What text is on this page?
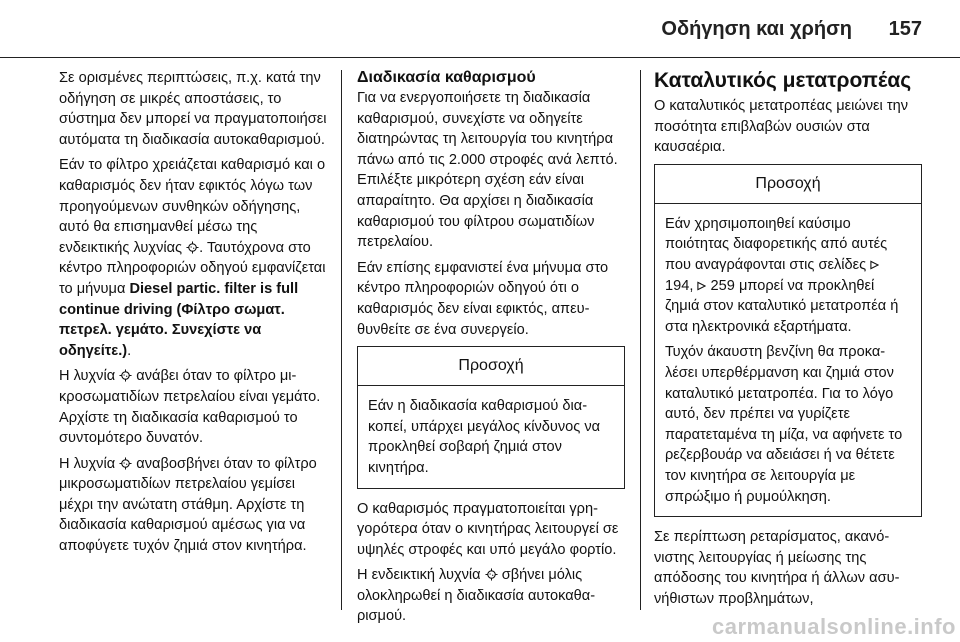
Οδήγηση και χρήση 157

Σε ορισμένες περιπτώσεις, π.χ. κατά την οδήγηση σε μικρές αποστάσεις, το σύστημα δεν μπορεί να πραγματοποιήσει αυτόματα τη διαδικασία αυτοκαθαρισμού.

Εάν το φίλτρο χρειάζεται καθαρισμό και ο καθαρισμός δεν ήταν εφικτός λόγω των προηγούμενων συνθηκών οδήγησης, αυτό θα επισημανθεί μέσω της ενδεικτικής λυχνίας . Ταυτόχρονα στο κέντρο πληροφοριών οδηγού εμφανίζεται το μήνυμα Diesel partic. filter is full continue driving (Φίλτρο σωματ. πετρελ. γεμάτο. Συνεχίστε να οδηγείτε.).

Η λυχνία ανάβει όταν το φίλτρο μικροσωματιδίων πετρελαίου είναι γεμάτο. Αρχίστε τη διαδικασία καθαρισμού το συντομότερο δυνατόν.

Η λυχνία αναβοσβήνει όταν το φίλτρο μικροσωματιδίων πετρελαίου γεμίσει μέχρι την ανώτατη στάθμη. Αρχίστε τη διαδικασία καθαρισμού αμέσως για να αποφύγετε τυχόν ζημιά στον κινητήρα.

Διαδικασία καθαρισμού

Για να ενεργοποιήσετε τη διαδικασία καθαρισμού, συνεχίστε να οδηγείτε διατηρώντας τη λειτουργία του κινητήρα πάνω από τις 2.000 στροφές ανά λεπτό. Επιλέξτε μικρότερη σχέση εάν είναι απαραίτητο. Θα αρχίσει η διαδικασία καθαρισμού του φίλτρου σωματιδίων πετρελαίου.

Εάν επίσης εμφανιστεί ένα μήνυμα στο κέντρο πληροφοριών οδηγού ότι ο καθαρισμός δεν είναι εφικτός, απευθυνθείτε σε ένα συνεργείο.

Προσοχή

Εάν η διαδικασία καθαρισμού διακοπεί, υπάρχει μεγάλος κίνδυνος να προκληθεί σοβαρή ζημιά στον κινητήρα.

Ο καθαρισμός πραγματοποιείται γρηγορότερα όταν ο κινητήρας λειτουργεί σε υψηλές στροφές και υπό μεγάλο φορτίο.

Η ενδεικτική λυχνία σβήνει μόλις ολοκληρωθεί η διαδικασία αυτοκαθαρισμού.

Καταλυτικός μετατροπέας

Ο καταλυτικός μετατροπέας μειώνει την ποσότητα επιβλαβών ουσιών στα καυσαέρια.

Προσοχή

Εάν χρησιμοποιηθεί καύσιμο ποιότητας διαφορετικής από αυτές που αναγράφονται στις σελίδες  194,  259 μπορεί να προκληθεί ζημιά στον καταλυτικό μετατροπέα ή στα ηλεκτρονικά εξαρτήματα.

Τυχόν άκαυστη βενζίνη θα προκαλέσει υπερθέρμανση και ζημιά στον καταλυτικό μετατροπέα. Για το λόγο αυτό, δεν πρέπει να γυρίζετε παρατεταμένα τη μίζα, να αφήνετε το ρεζερβουάρ να αδειάσει ή να θέτετε τον κινητήρα σε λειτουργία με σπρώξιμο ή ρυμούλκηση.

Σε περίπτωση ρεταρίσματος, ακανόνιστης λειτουργίας ή μείωσης της απόδοσης του κινητήρα ή άλλων ασυνήθιστων προβλημάτων,

carmanualsonline.info
